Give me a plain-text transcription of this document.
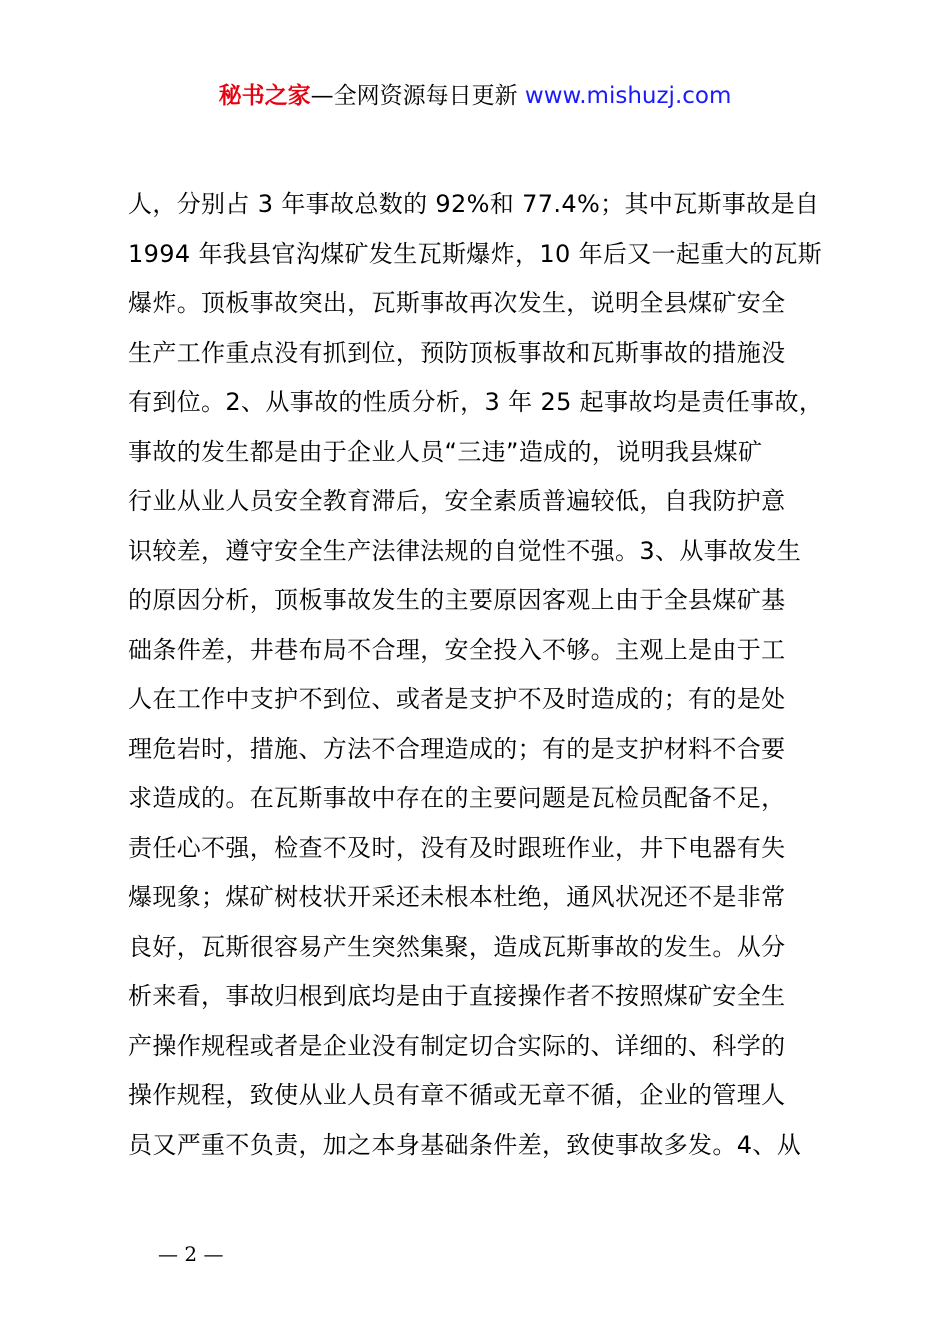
秘书之家—全网资源每日更新 www.mishuzj.com
人，分别占 3 年事故总数的 92%和 77.4%；其中瓦斯事故是自
1994 年我县官沟煤矿发生瓦斯爆炸，10 年后又一起重大的瓦斯
爆炸。顶板事故突出，瓦斯事故再次发生，说明全县煤矿安全
生产工作重点没有抓到位，预防顶板事故和瓦斯事故的措施没
有到位。2、从事故的性质分析，3 年 25 起事故均是责任事故，
事故的发生都是由于企业人员“三违”造成的，说明我县煤矿
行业从业人员安全教育滞后，安全素质普遍较低，自我防护意
识较差，遵守安全生产法律法规的自觉性不强。3、从事故发生
的原因分析，顶板事故发生的主要原因客观上由于全县煤矿基
础条件差，井巷布局不合理，安全投入不够。主观上是由于工
人在工作中支护不到位、或者是支护不及时造成的；有的是处
理危岩时，措施、方法不合理造成的；有的是支护材料不合要
求造成的。在瓦斯事故中存在的主要问题是瓦检员配备不足，
责任心不强，检查不及时，没有及时跟班作业，井下电器有失
爆现象；煤矿树枝状开采还未根本杜绝，通风状况还不是非常
良好，瓦斯很容易产生突然集聚，造成瓦斯事故的发生。从分
析来看，事故归根到底均是由于直接操作者不按照煤矿安全生
产操作规程或者是企业没有制定切合实际的、详细的、科学的
操作规程，致使从业人员有章不循或无章不循，企业的管理人
员又严重不负责，加之本身基础条件差，致使事故多发。4、从
— 2 —
